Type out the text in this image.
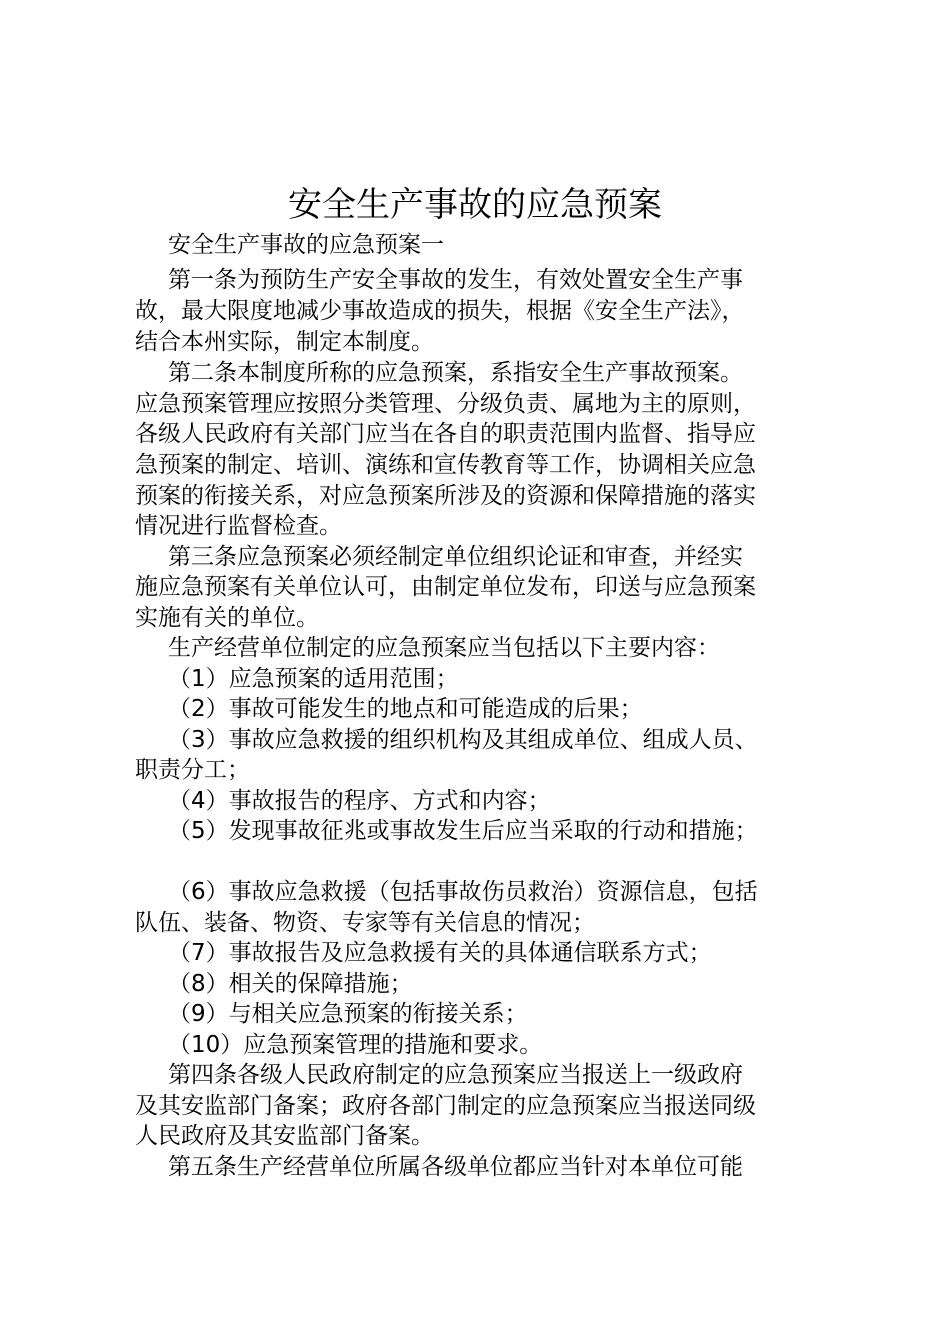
安全生产事故的应急预案
安全生产事故的应急预案一
第一条为预防生产安全事故的发生，有效处置安全生产事
故，最大限度地减少事故造成的损失，根据《安全生产法》，
结合本州实际，制定本制度。
第二条本制度所称的应急预案，系指安全生产事故预案。
应急预案管理应按照分类管理、分级负责、属地为主的原则，
各级人民政府有关部门应当在各自的职责范围内监督、指导应
急预案的制定、培训、演练和宣传教育等工作，协调相关应急
预案的衔接关系，对应急预案所涉及的资源和保障措施的落实
情况进行监督检查。
第三条应急预案必须经制定单位组织论证和审查，并经实
施应急预案有关单位认可，由制定单位发布，印送与应急预案
实施有关的单位。
生产经营单位制定的应急预案应当包括以下主要内容：
（1）应急预案的适用范围；
（2）事故可能发生的地点和可能造成的后果；
（3）事故应急救援的组织机构及其组成单位、组成人员、
职责分工；
（4）事故报告的程序、方式和内容；
（5）发现事故征兆或事故发生后应当采取的行动和措施；
（6）事故应急救援（包括事故伤员救治）资源信息，包括
队伍、装备、物资、专家等有关信息的情况；
（7）事故报告及应急救援有关的具体通信联系方式；
（8）相关的保障措施；
（9）与相关应急预案的衔接关系；
（10）应急预案管理的措施和要求。
第四条各级人民政府制定的应急预案应当报送上一级政府
及其安监部门备案；政府各部门制定的应急预案应当报送同级
人民政府及其安监部门备案。
第五条生产经营单位所属各级单位都应当针对本单位可能
